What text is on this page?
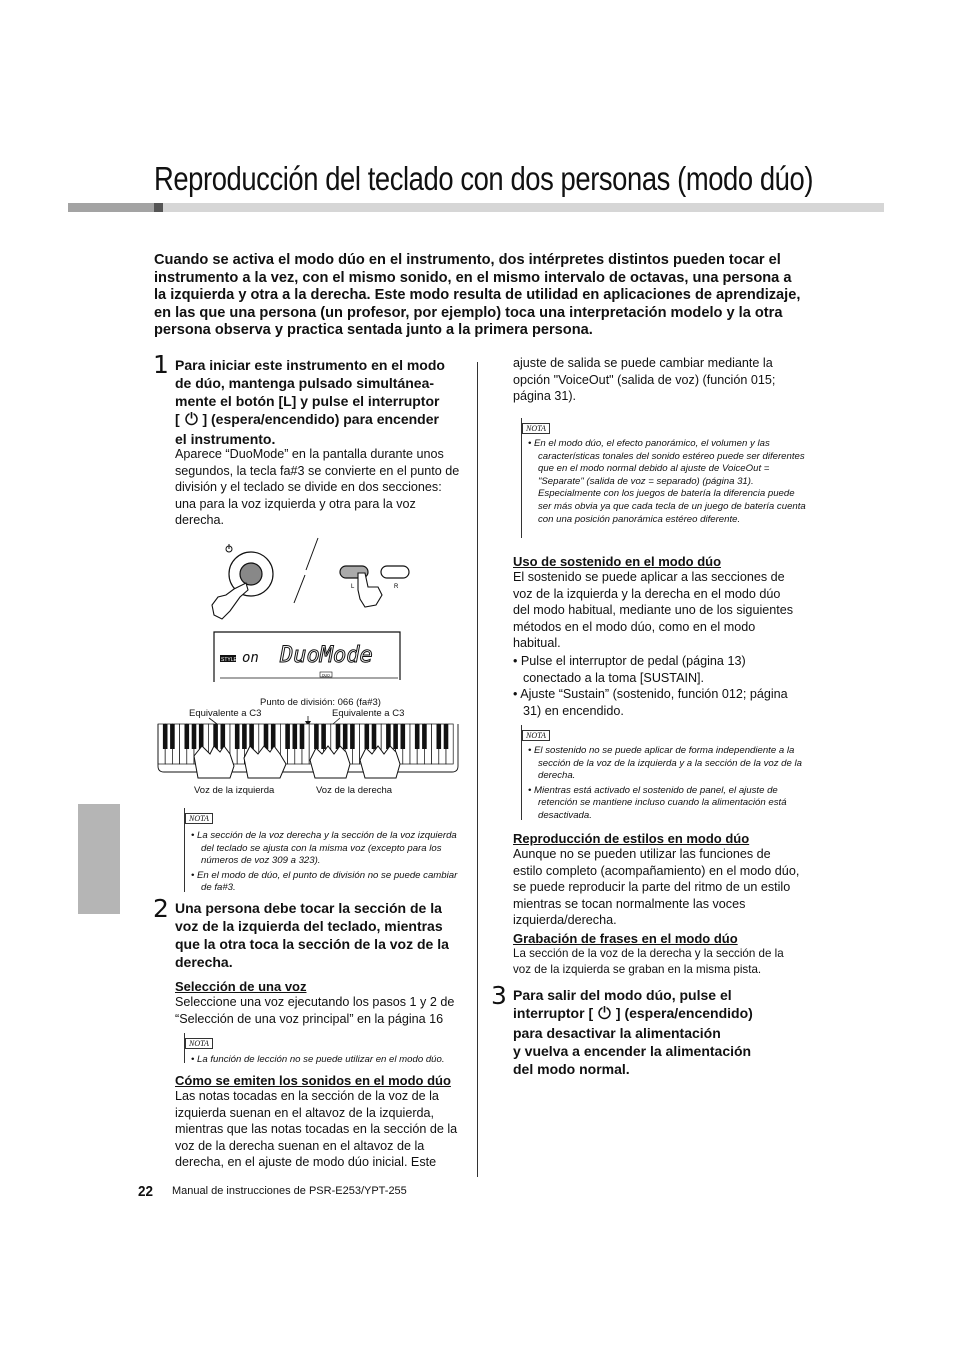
Reproducción del teclado con dos personas (modo dúo)
Cuando se activa el modo dúo en el instrumento, dos intérpretes distintos pueden tocar el instrumento a la vez, con el mismo sonido, en el mismo intervalo de octavas, una persona a la izquierda y otra a la derecha. Este modo resulta de utilidad en aplicaciones de aprendizaje, en las que una persona (un profesor, por ejemplo) toca una interpretación modelo y la otra persona observa y practica sentada junto a la primera persona.
1 Para iniciar este instrumento en el modo
de dúo, mantenga pulsado simultánea-
mente el botón [L] y pulse el interruptor
[ ] (espera/encendido) para encender
el instrumento.
Aparece “DuoMode” en la pantalla durante unos segundos, la tecla fa#3 se convierte en el punto de división y el teclado se divide en dos secciones: una para la voz izquierda y otra para la voz derecha.
L	R
STYLE on DuoMode
DUO
Punto de división: 066 (fa#3)
Equivalente a C3	Equivalente a C3
Voz de la izquierda	Voz de la derecha
NOTA
• La sección de la voz derecha y la sección de la voz izquierda del teclado se ajusta con la misma voz (excepto para los números de voz 309 a 323).
• En el modo de dúo, el punto de división no se puede cambiar de fa#3.
2 Una persona debe tocar la sección de la voz de la izquierda del teclado, mientras que la otra toca la sección de la voz de la derecha.
Selección de una voz
Seleccione una voz ejecutando los pasos 1 y 2 de “Selección de una voz principal” en la página 16
NOTA
• La función de lección no se puede utilizar en el modo dúo.
Cómo se emiten los sonidos en el modo dúo
Las notas tocadas en la sección de la voz de la izquierda suenan en el altavoz de la izquierda, mientras que las notas tocadas en la sección de la voz de la derecha suenan en el altavoz de la derecha, en el ajuste de modo dúo inicial. Este
ajuste de salida se puede cambiar mediante la opción "VoiceOut" (salida de voz) (función 015; página 31).
NOTA
• En el modo dúo, el efecto panorámico, el volumen y las características tonales del sonido estéreo puede ser diferentes que en el modo normal debido al ajuste de VoiceOut = "Separate" (salida de voz = separado) (página 31). Especialmente con los juegos de batería la diferencia puede ser más obvia ya que cada tecla de un juego de batería cuenta con una posición panorámica estéreo diferente.
Uso de sostenido en el modo dúo
El sostenido se puede aplicar a las secciones de voz de la izquierda y la derecha en el modo dúo del modo habitual, mediante uno de los siguientes métodos en el modo dúo, como en el modo habitual.
• Pulse el interruptor de pedal (página 13) conectado a la toma [SUSTAIN].
• Ajuste “Sustain” (sostenido, función 012; página 31) en encendido.
NOTA
• El sostenido no se puede aplicar de forma independiente a la sección de la voz de la izquierda y a la sección de la voz de la derecha.
• Mientras está activado el sostenido de panel, el ajuste de retención se mantiene incluso cuando la alimentación está desactivada.
Reproducción de estilos en modo dúo
Aunque no se pueden utilizar las funciones de estilo completo (acompañamiento) en el modo dúo, se puede reproducir la parte del ritmo de un estilo mientras se tocan normalmente las voces izquierda/derecha.
Grabación de frases en el modo dúo
La sección de la voz de la derecha y la sección de la voz de la izquierda se graban en la misma pista.
3 Para salir del modo dúo, pulse el
interruptor [ ] (espera/encendido)
para desactivar la alimentación
y vuelva a encender la alimentación
del modo normal.
22 Manual de instrucciones de PSR-E253/YPT-255
